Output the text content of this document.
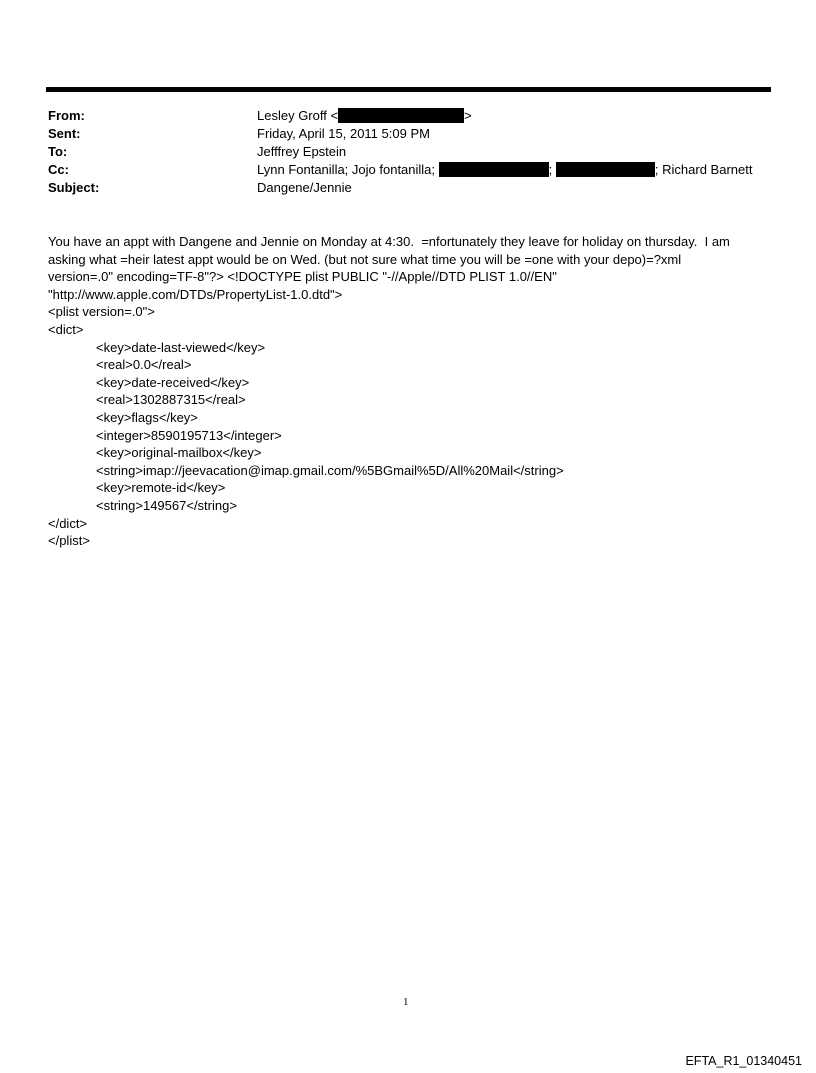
From:	Lesley Groff <	>
Sent:	Friday, April 15, 2011 5:09 PM
To:	Jefffrey Epstein
Cc:	Lynn Fontanilla; Jojo fontanilla;	;	; Richard Barnett
Subject:	Dangene/Jennie

You have an appt with Dangene and Jennie on Monday at 4:30.  =nfortunately they leave for holiday on thursday.  I am

asking what =heir latest appt would be on Wed. (but not sure what time you will be =one with your depo)=?xml

version=.0" encoding=TF-8"?> <!DOCTYPE plist PUBLIC "-//Apple//DTD PLIST 1.0//EN"

"http://www.apple.com/DTDs/PropertyList-1.0.dtd">

<plist version=.0">

<dict>

<key>date-last-viewed</key>

<real>0.0</real>

<key>date-received</key>

<real>1302887315</real>

<key>flags</key>

<integer>8590195713</integer>

<key>original-mailbox</key>

<string>imap://jeevacation@imap.gmail.com/%5BGmail%5D/All%20Mail</string>

<key>remote-id</key>

<string>149567</string>

</dict>

</plist>

1
EFTA_R1_01340451
